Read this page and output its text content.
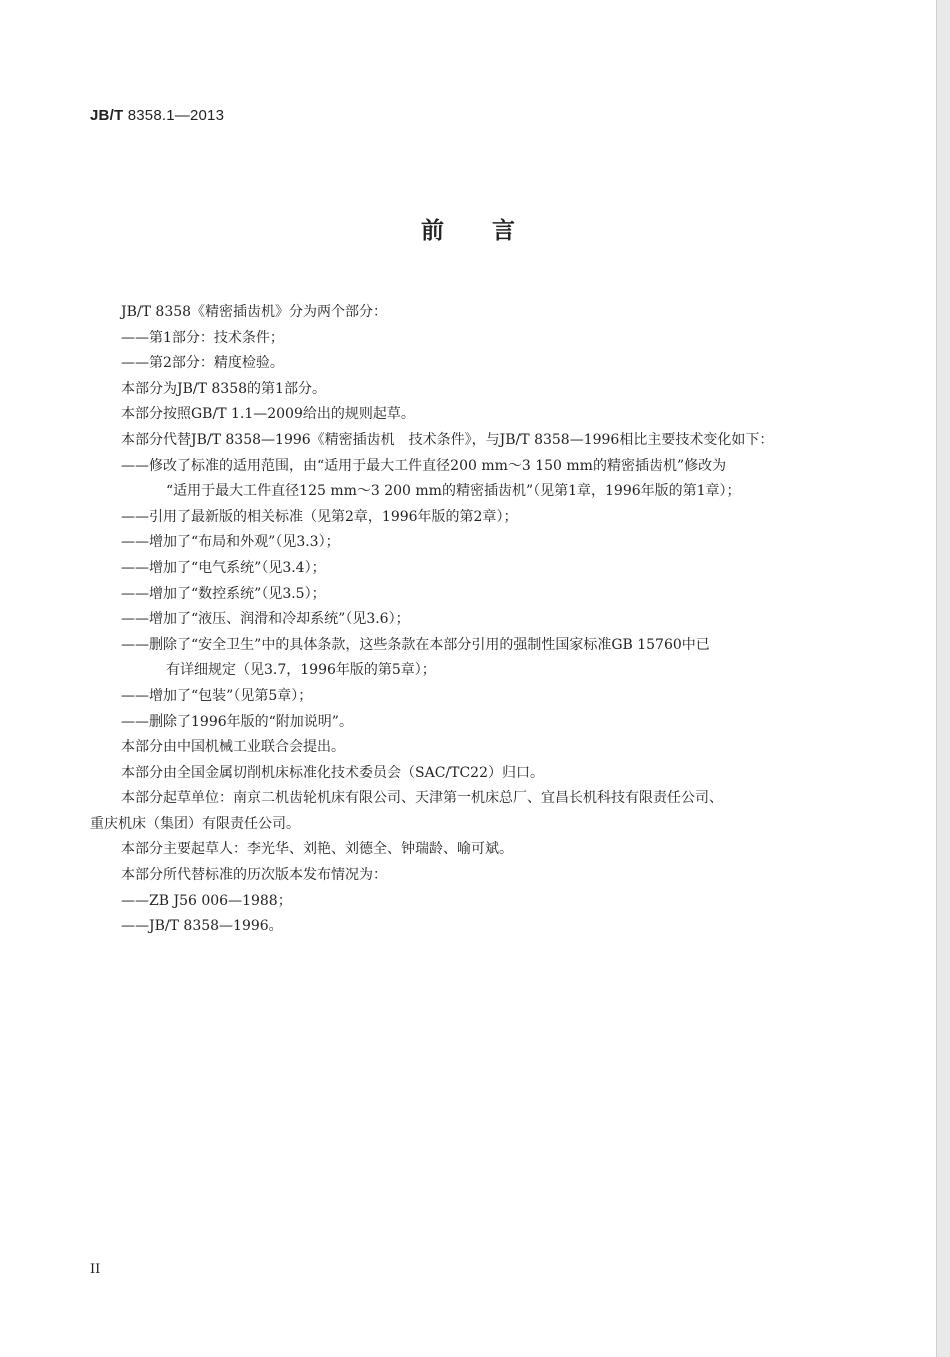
JB/T 8358.1—2013
前言
JB/T 8358《精密插齿机》分为两个部分：
——第1部分：技术条件；
——第2部分：精度检验。
本部分为JB/T 8358的第1部分。
本部分按照GB/T 1.1—2009给出的规则起草。
本部分代替JB/T 8358—1996《精密插齿机　技术条件》，与JB/T 8358—1996相比主要技术变化如下：
——修改了标准的适用范围，由“适用于最大工件直径200 mm～3 150 mm的精密插齿机”修改为
“适用于最大工件直径125 mm～3 200 mm的精密插齿机”（见第1章，1996年版的第1章）；
——引用了最新版的相关标准（见第2章，1996年版的第2章）；
——增加了“布局和外观”（见3.3）；
——增加了“电气系统”（见3.4）；
——增加了“数控系统”（见3.5）；
——增加了“液压、润滑和冷却系统”（见3.6）；
——删除了“安全卫生”中的具体条款，这些条款在本部分引用的强制性国家标准GB 15760中已
有详细规定（见3.7，1996年版的第5章）；
——增加了“包装”（见第5章）；
——删除了1996年版的“附加说明”。
本部分由中国机械工业联合会提出。
本部分由全国金属切削机床标准化技术委员会（SAC/TC22）归口。
本部分起草单位：南京二机齿轮机床有限公司、天津第一机床总厂、宜昌长机科技有限责任公司、
重庆机床（集团）有限责任公司。
本部分主要起草人：李光华、刘艳、刘德全、钟瑞龄、喻可斌。
本部分所代替标准的历次版本发布情况为：
——ZB J56 006—1988；
——JB/T 8358—1996。
II
